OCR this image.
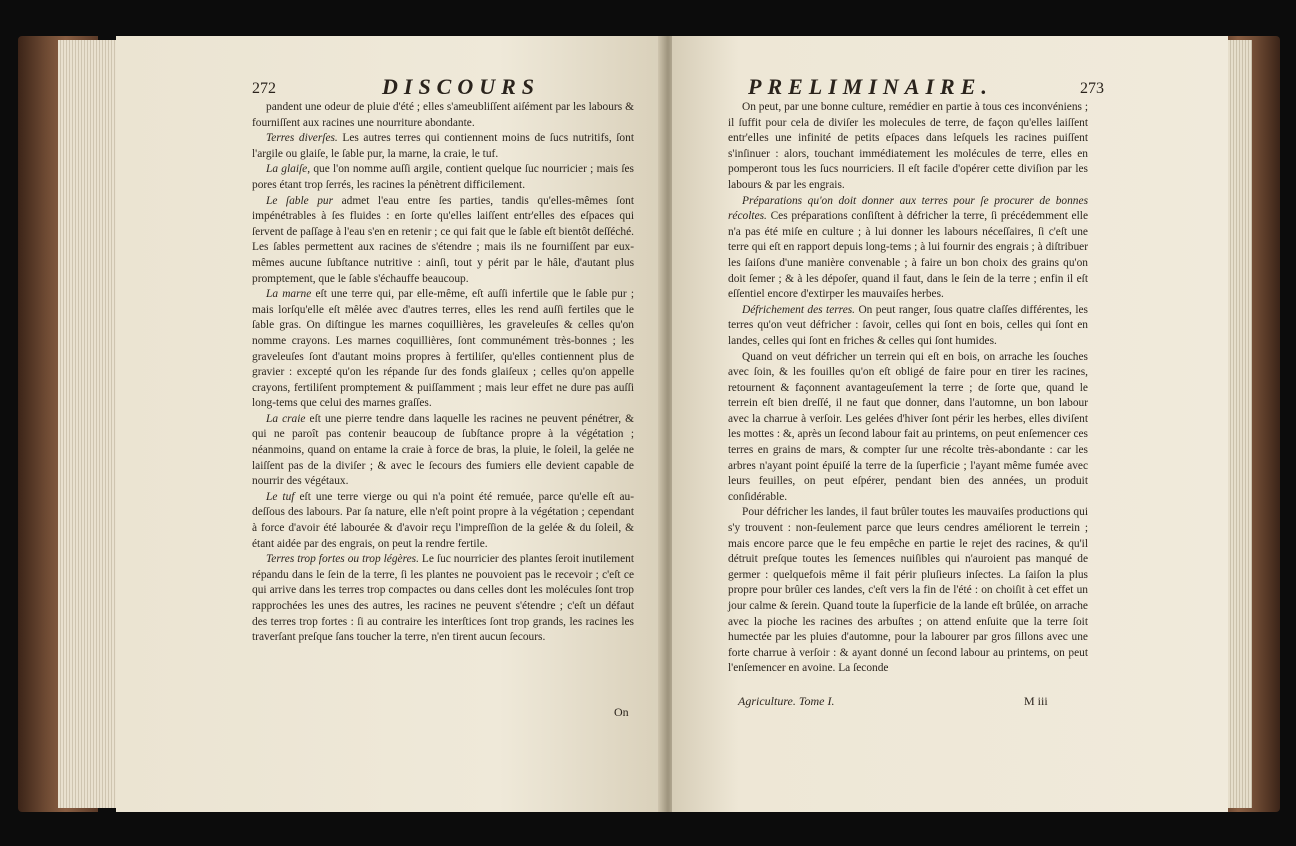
272	DISCOURS

pandent une odeur de pluie d'été ; elles s'ameubliſſent aiſément par les labours & fourniſſent aux racines une nourriture abondante.

Terres diverſes. Les autres terres qui contiennent moins de ſucs nutritifs, ſont l'argile ou glaiſe, le ſable pur, la marne, la craie, le tuf.

La glaiſe, que l'on nomme auſſi argile, contient quelque ſuc nourricier ; mais ſes pores étant trop ſerrés, les racines la pénètrent difficilement.

Le ſable pur admet l'eau entre ſes parties, tandis qu'elles-mêmes ſont impénétrables à ſes fluides : en ſorte qu'elles laiſſent entr'elles des eſpaces qui ſervent de paſſage à l'eau s'en en retenir ; ce qui fait que le ſable eſt bientôt deſſéché. Les ſables permettent aux racines de s'étendre ; mais ils ne fourniſſent par eux-mêmes aucune ſubſtance nutritive : ainſi, tout y périt par le hâle, d'autant plus promptement, que le ſable s'échauffe beaucoup.

La marne eſt une terre qui, par elle-même, eſt auſſi infertile que le ſable pur ; mais lorſqu'elle eſt mêlée avec d'autres terres, elles les rend auſſi fertiles que le ſable gras. On diſtingue les marnes coquillières, les graveleuſes & celles qu'on nomme crayons. Les marnes coquillières, ſont communément très-bonnes ; les graveleuſes ſont d'autant moins propres à fertiliſer, qu'elles contiennent plus de gravier : excepté qu'on les répande ſur des fonds glaiſeux ; celles qu'on appelle crayons, fertiliſent promptement & puiſſamment ; mais leur effet ne dure pas auſſi long-tems que celui des marnes graſſes.

La craie eſt une pierre tendre dans laquelle les racines ne peuvent pénétrer, & qui ne paroît pas contenir beaucoup de ſubſtance propre à la végétation ; néanmoins, quand on entame la craie à force de bras, la pluie, le ſoleil, la gelée ne laiſſent pas de la diviſer ; & avec le ſecours des fumiers elle devient capable de nourrir des végétaux.

Le tuf eſt une terre vierge ou qui n'a point été remuée, parce qu'elle eſt au-deſſous des labours. Par ſa nature, elle n'eſt point propre à la végétation ; cependant à force d'avoir été labourée & d'avoir reçu l'impreſſion de la gelée & du ſoleil, & étant aidée par des engrais, on peut la rendre fertile.

Terres trop fortes ou trop légères. Le ſuc nourricier des plantes ſeroit inutilement répandu dans le ſein de la terre, ſi les plantes ne pouvoient pas le recevoir ; c'eſt ce qui arrive dans les terres trop compactes ou dans celles dont les molécules ſont trop rapprochées les unes des autres, les racines ne peuvent s'étendre ; c'eſt un défaut des terres trop fortes : ſi au contraire les interſtices ſont trop grands, les racines les traverſant preſque ſans toucher la terre, n'en tirent aucun ſecours.

On
PRELIMINAIRE.	273

On peut, par une bonne culture, remédier en partie à tous ces inconvéniens ; il ſuffit pour cela de diviſer les molecules de terre, de façon qu'elles laiſſent entr'elles une infinité de petits eſpaces dans leſquels les racines puiſſent s'inſinuer : alors, touchant immédiatement les molécules de terre, elles en pomperont tous les ſucs nourriciers. Il eſt facile d'opérer cette diviſion par les labours & par les engrais.

Préparations qu'on doit donner aux terres pour ſe procurer de bonnes récoltes. Ces préparations conſiſtent à défricher la terre, ſi précédemment elle n'a pas été miſe en culture ; à lui donner les labours néceſſaires, ſi c'eſt une terre qui eſt en rapport depuis long-tems ; à lui fournir des engrais ; à diſtribuer les ſaiſons d'une manière convenable ; à faire un bon choix des grains qu'on doit ſemer ; & à les dépoſer, quand il faut, dans le ſein de la terre ; enfin il eſt eſſentiel encore d'extirper les mauvaiſes herbes.

Défrichement des terres. On peut ranger, ſous quatre claſſes différentes, les terres qu'on veut défricher : ſavoir, celles qui ſont en bois, celles qui ſont en landes, celles qui ſont en friches & celles qui ſont humides.

Quand on veut défricher un terrein qui eſt en bois, on arrache les ſouches avec ſoin, & les fouilles qu'on eſt obligé de faire pour en tirer les racines, retournent & façonnent avantageuſement la terre ; de ſorte que, quand le terrein eſt bien dreſſé, il ne faut que donner, dans l'automne, un bon labour avec la charrue à verſoir. Les gelées d'hiver ſont périr les herbes, elles diviſent les mottes : &, après un ſecond labour fait au printems, on peut enſemencer ces terres en grains de mars, & compter ſur une récolte très-abondante : car les arbres n'ayant point épuiſé la terre de la ſuperficie ; l'ayant même fumée avec leurs feuilles, on peut eſpérer, pendant bien des années, un produit conſidérable.

Pour défricher les landes, il faut brûler toutes les mauvaiſes productions qui s'y trouvent : non-ſeulement parce que leurs cendres améliorent le terrein ; mais encore parce que le feu empêche en partie le rejet des racines, & qu'il détruit preſque toutes les ſemences nuiſibles qui n'auroient pas manqué de germer : quelquefois même il fait périr pluſieurs inſectes. La ſaiſon la plus propre pour brûler ces landes, c'eſt vers la fin de l'été : on choiſit à cet effet un jour calme & ſerein. Quand toute la ſuperficie de la lande eſt brûlée, on arrache avec la pioche les racines des arbuſtes ; on attend enſuite que la terre ſoit humectée par les pluies d'automne, pour la labourer par gros ſillons avec une forte charrue à verſoir : & ayant donné un ſecond labour au printems, on peut l'enſemencer en avoine. La ſeconde

Agriculture. Tome I.	M iii
